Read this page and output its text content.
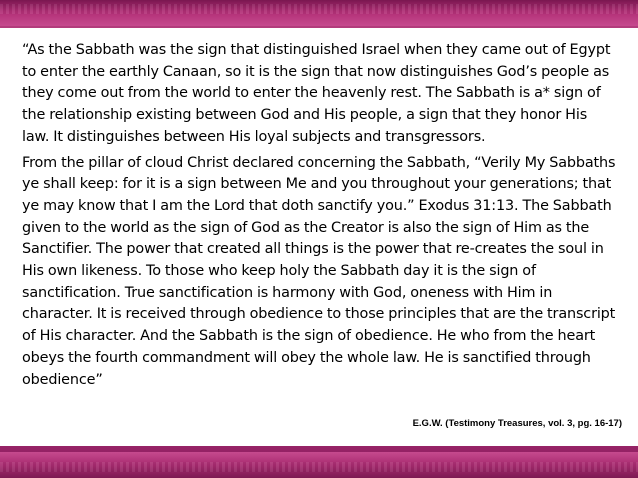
“As the Sabbath was the sign that distinguished Israel when they came out of Egypt to enter the earthly Canaan, so it is the sign that now distinguishes God’s people as they come out from the world to enter the heavenly rest. The Sabbath is a* sign of the relationship existing between God and His people, a sign that they honor His law. It distinguishes between His loyal subjects and transgressors.

From the pillar of cloud Christ declared concerning the Sabbath, “Verily My Sabbaths ye shall keep: for it is a sign between Me and you throughout your generations; that ye may know that I am the Lord that doth sanctify you.” Exodus 31:13. The Sabbath given to the world as the sign of God as the Creator is also the sign of Him as the Sanctifier. The power that created all things is the power that re-creates the soul in His own likeness. To those who keep holy the Sabbath day it is the sign of sanctification. True sanctification is harmony with God, oneness with Him in character. It is received through obedience to those principles that are the transcript of His character. And the Sabbath is the sign of obedience. He who from the heart obeys the fourth commandment will obey the whole law. He is sanctified through obedience”

E.G.W. (Testimony Treasures, vol. 3, pg. 16-17)
